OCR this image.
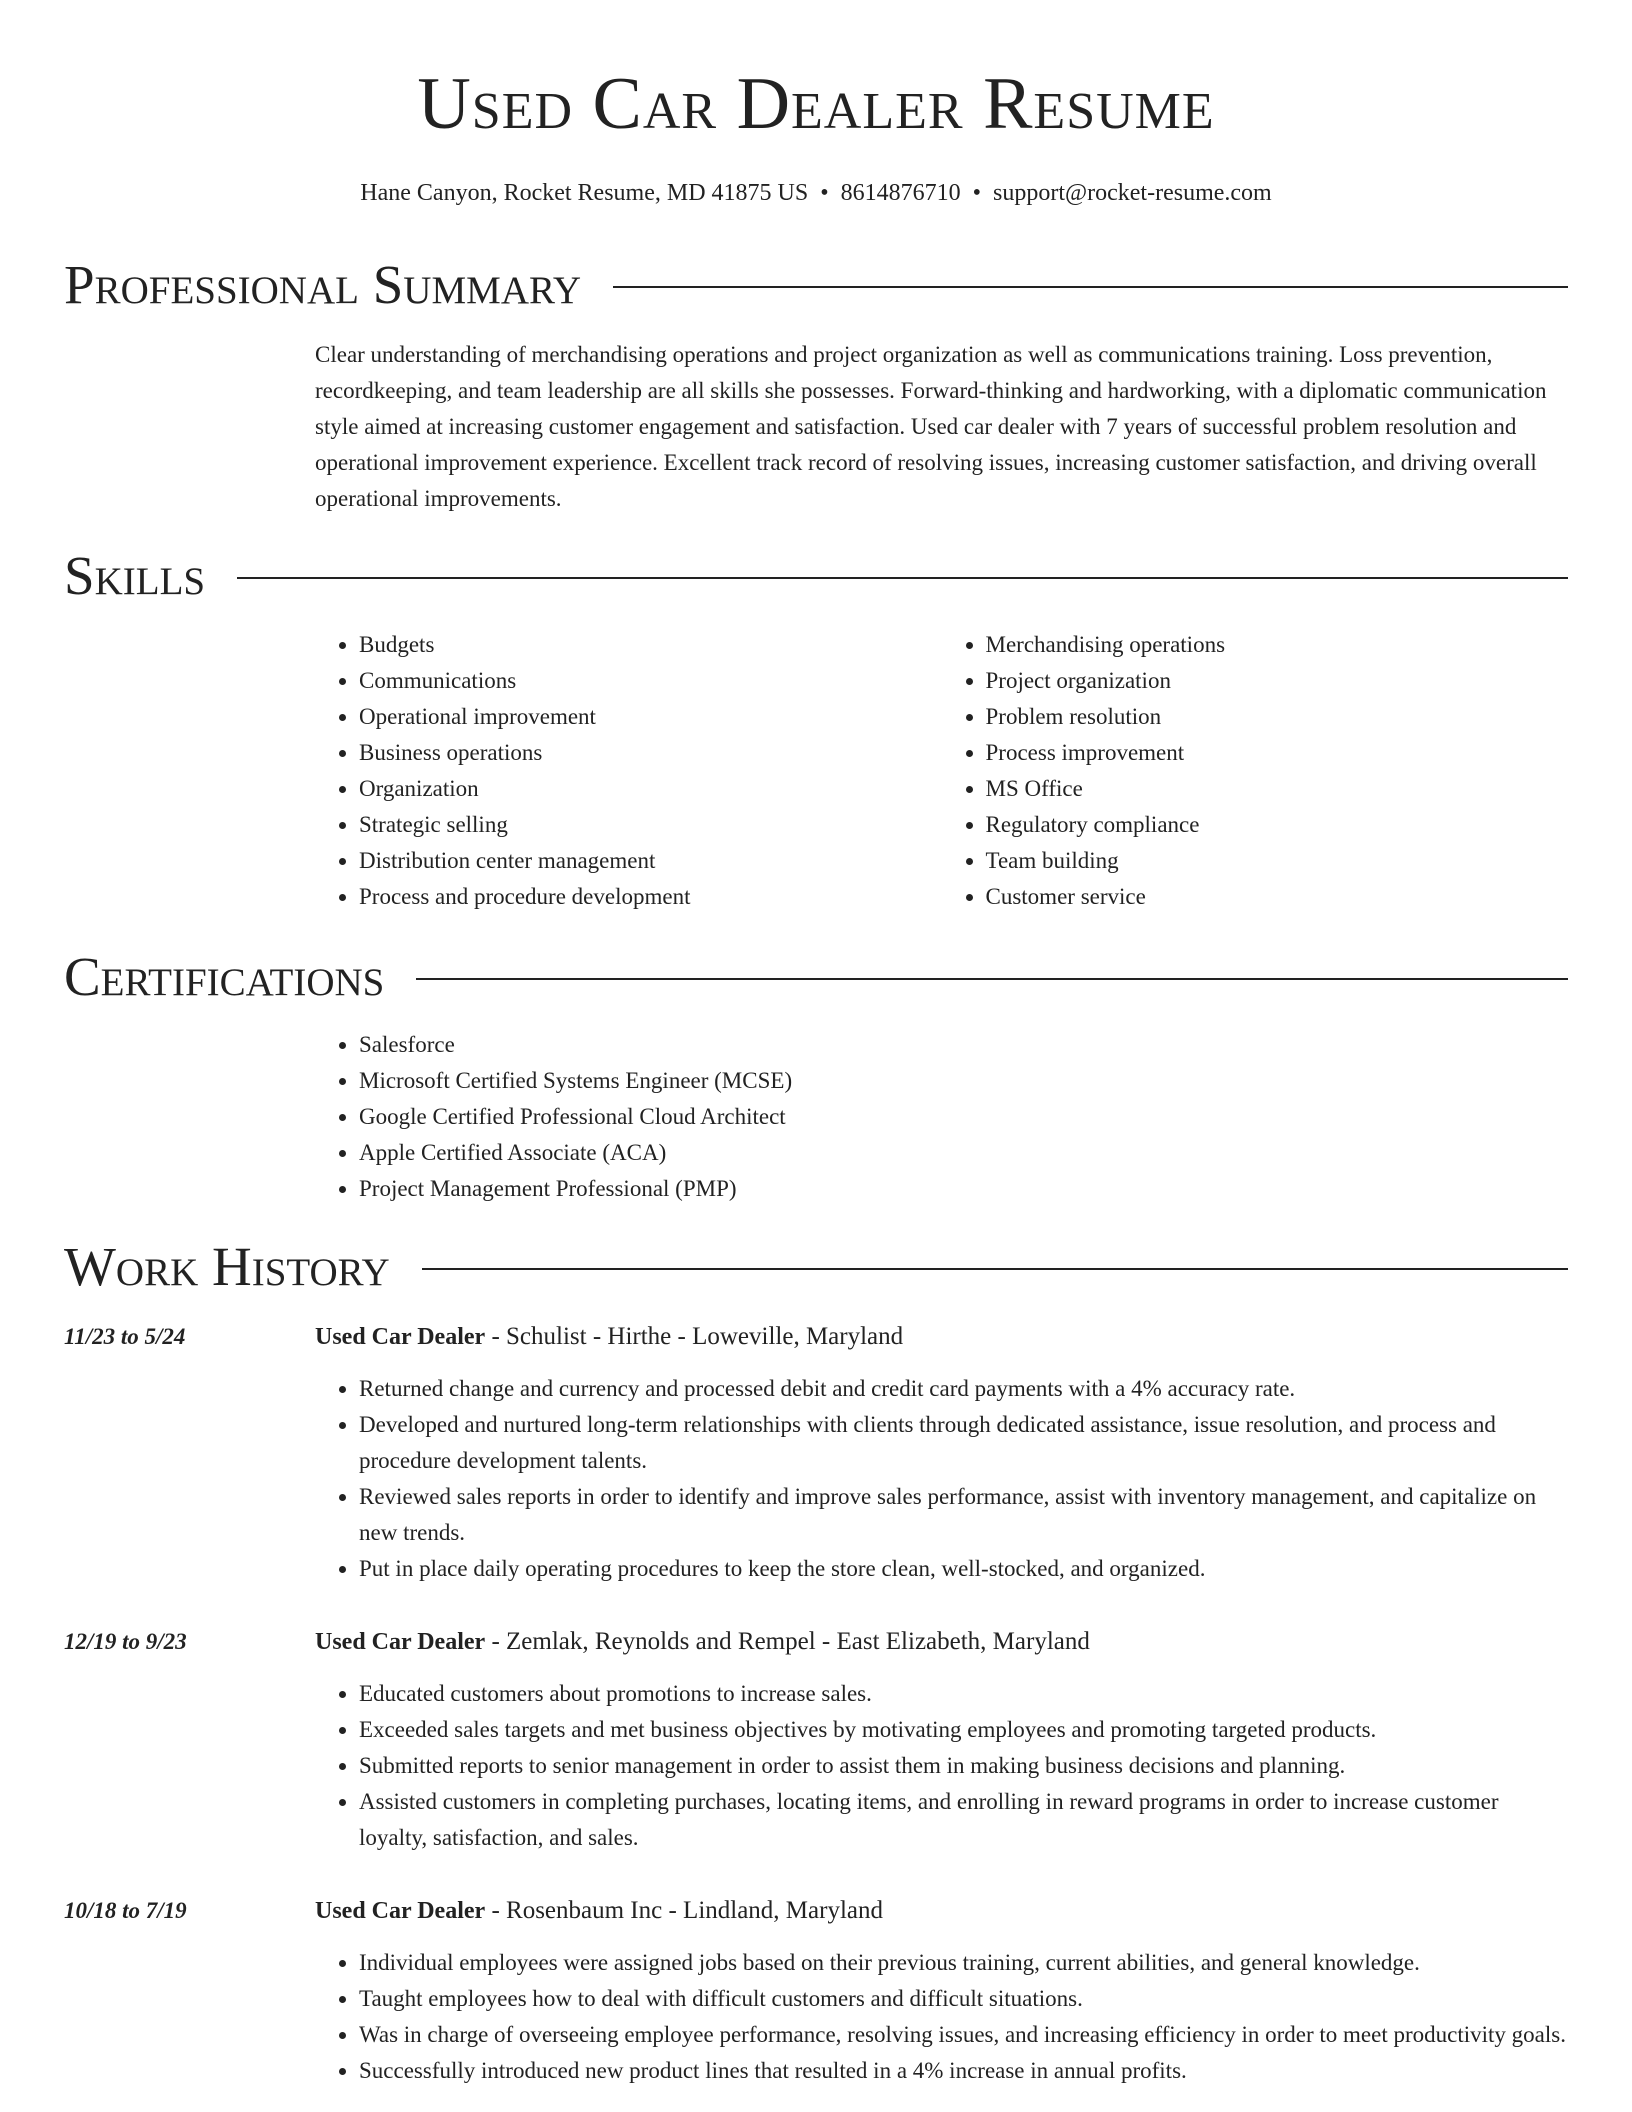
Used Car Dealer Resume
Hane Canyon, Rocket Resume, MD 41875 US • 8614876710 • support@rocket-resume.com
Professional Summary

Clear understanding of merchandising operations and project organization as well as communications training. Loss prevention, recordkeeping, and team leadership are all skills she possesses. Forward-thinking and hardworking, with a diplomatic communication style aimed at increasing customer engagement and satisfaction. Used car dealer with 7 years of successful problem resolution and operational improvement experience. Excellent track record of resolving issues, increasing customer satisfaction, and driving overall operational improvements.

Skills
• Budgets
• Communications
• Operational improvement
• Business operations
• Organization
• Strategic selling
• Distribution center management
• Process and procedure development
• Merchandising operations
• Project organization
• Problem resolution
• Process improvement
• MS Office
• Regulatory compliance
• Team building
• Customer service
Certifications
• Salesforce
• Microsoft Certified Systems Engineer (MCSE)
• Google Certified Professional Cloud Architect
• Apple Certified Associate (ACA)
• Project Management Professional (PMP)
Work History
11/23 to 5/24	Used Car Dealer - Schulist - Hirthe - Loweville, Maryland
• Returned change and currency and processed debit and credit card payments with a 4% accuracy rate.
• Developed and nurtured long-term relationships with clients through dedicated assistance, issue resolution, and process and procedure development talents.
• Reviewed sales reports in order to identify and improve sales performance, assist with inventory management, and capitalize on new trends.
• Put in place daily operating procedures to keep the store clean, well-stocked, and organized.
12/19 to 9/23	Used Car Dealer - Zemlak, Reynolds and Rempel - East Elizabeth, Maryland
• Educated customers about promotions to increase sales.
• Exceeded sales targets and met business objectives by motivating employees and promoting targeted products.
• Submitted reports to senior management in order to assist them in making business decisions and planning.
• Assisted customers in completing purchases, locating items, and enrolling in reward programs in order to increase customer loyalty, satisfaction, and sales.
10/18 to 7/19	Used Car Dealer - Rosenbaum Inc - Lindland, Maryland
• Individual employees were assigned jobs based on their previous training, current abilities, and general knowledge.
• Taught employees how to deal with difficult customers and difficult situations.
• Was in charge of overseeing employee performance, resolving issues, and increasing efficiency in order to meet productivity goals.
• Successfully introduced new product lines that resulted in a 4% increase in annual profits.
